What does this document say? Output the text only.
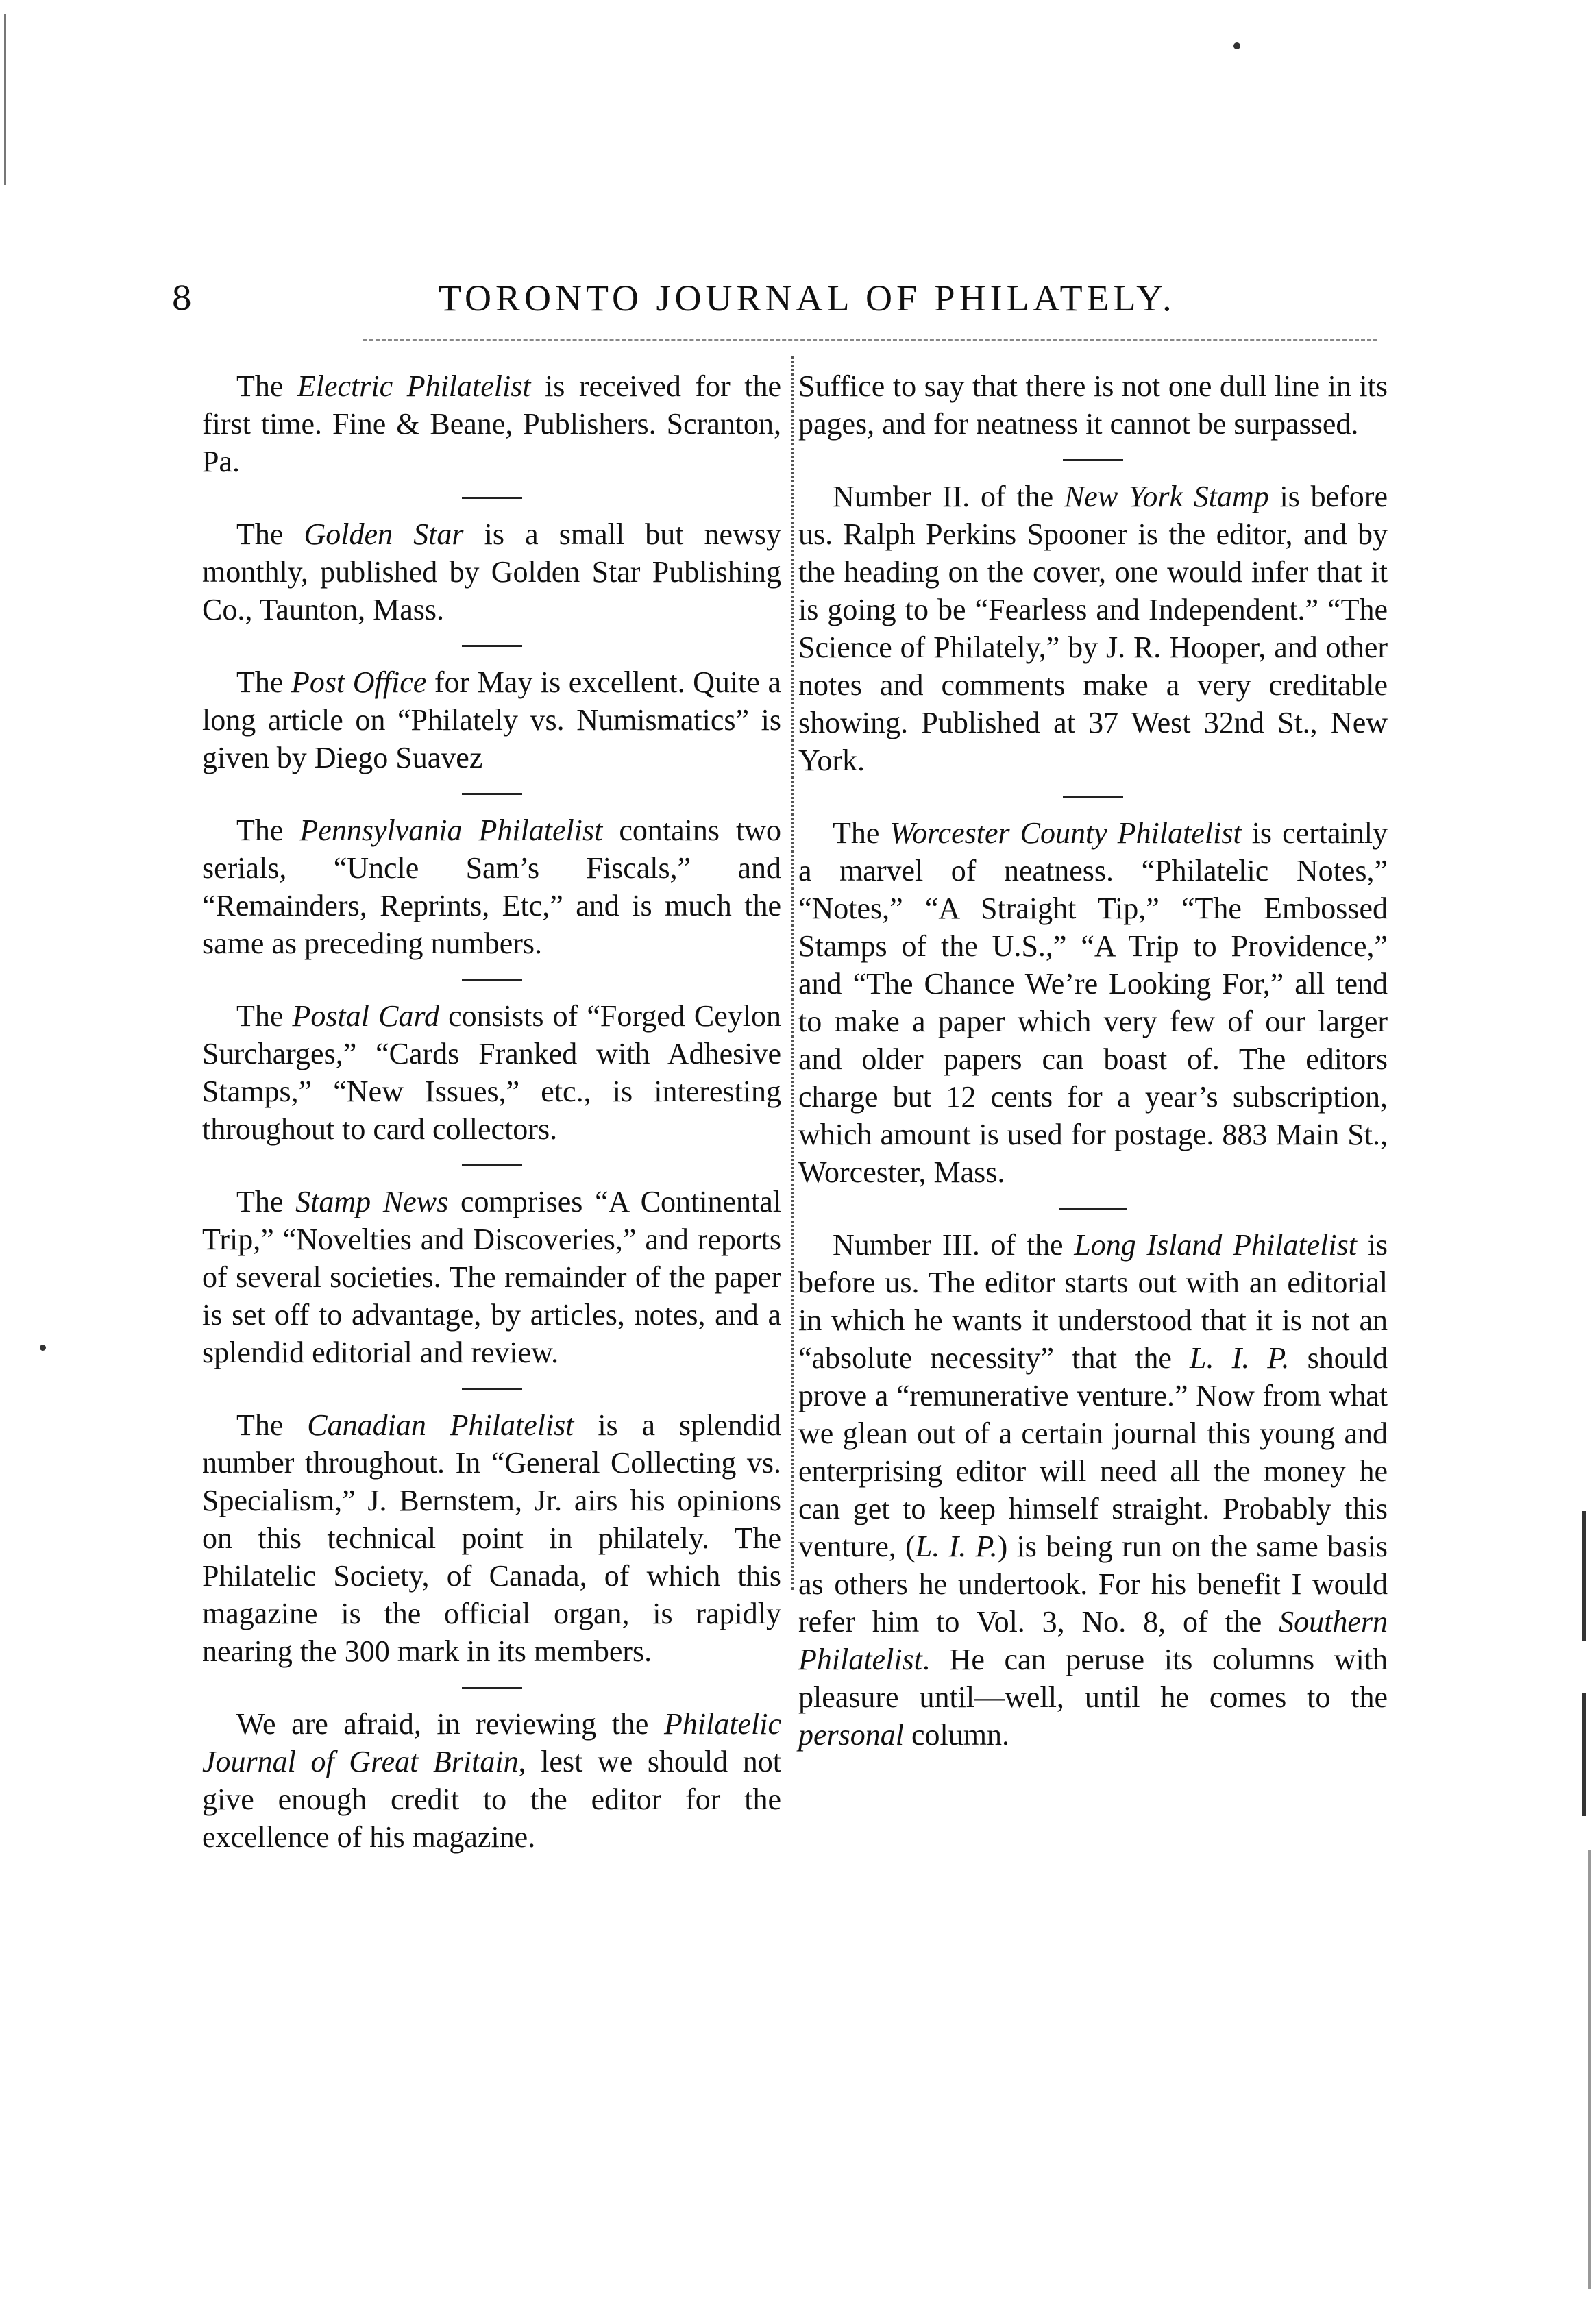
8	TORONTO JOURNAL OF PHILATELY.

The Electric Philatelist is received for the first time. Fine & Beane, Publishers. Scranton, Pa.

The Golden Star is a small but newsy monthly, published by Golden Star Publishing Co., Taunton, Mass.

The Post Office for May is excellent. Quite a long article on “Philately vs. Numismatics” is given by Diego Suavez

The Pennsylvania Philatelist contains two serials, “Uncle Sam’s Fiscals,” and “Remainders, Reprints, Etc,” and is much the same as preceding numbers.

The Postal Card consists of “Forged Ceylon Surcharges,” “Cards Franked with Adhesive Stamps,” “New Issues,” etc., is interesting throughout to card collectors.

The Stamp News comprises “A Continental Trip,” “Novelties and Discoveries,” and reports of several societies. The remainder of the paper is set off to advantage, by articles, notes, and a splendid editorial and review.

The Canadian Philatelist is a splendid number throughout. In “General Collecting vs. Specialism,” J. Bernstem, Jr. airs his opinions on this technical point in philately. The Philatelic Society, of Canada, of which this magazine is the official organ, is rapidly nearing the 300 mark in its members.

We are afraid, in reviewing the Philatelic Journal of Great Britain, lest we should not give enough credit to the editor for the excellence of his magazine.

Suffice to say that there is not one dull line in its pages, and for neatness it cannot be surpassed.

Number II. of the New York Stamp is before us. Ralph Perkins Spooner is the editor, and by the heading on the cover, one would infer that it is going to be “Fearless and Independent.” “The Science of Philately,” by J. R. Hooper, and other notes and comments make a very creditable showing. Published at 37 West 32nd St., New York.

The Worcester County Philatelist is certainly a marvel of neatness. “Philatelic Notes,” “Notes,” “A Straight Tip,” “The Embossed Stamps of the U.S.,” “A Trip to Providence,” and “The Chance We’re Looking For,” all tend to make a paper which very few of our larger and older papers can boast of. The editors charge but 12 cents for a year’s subscription, which amount is used for postage. 883 Main St., Worcester, Mass.

Number III. of the Long Island Philatelist is before us. The editor starts out with an editorial in which he wants it understood that it is not an “absolute necessity” that the L. I. P. should prove a “remunerative venture.” Now from what we glean out of a certain journal this young and enterprising editor will need all the money he can get to keep himself straight. Probably this venture, (L. I. P.) is being run on the same basis as others he undertook. For his benefit I would refer him to Vol. 3, No. 8, of the Southern Philatelist. He can peruse its columns with pleasure until—well, until he comes to the personal column.
